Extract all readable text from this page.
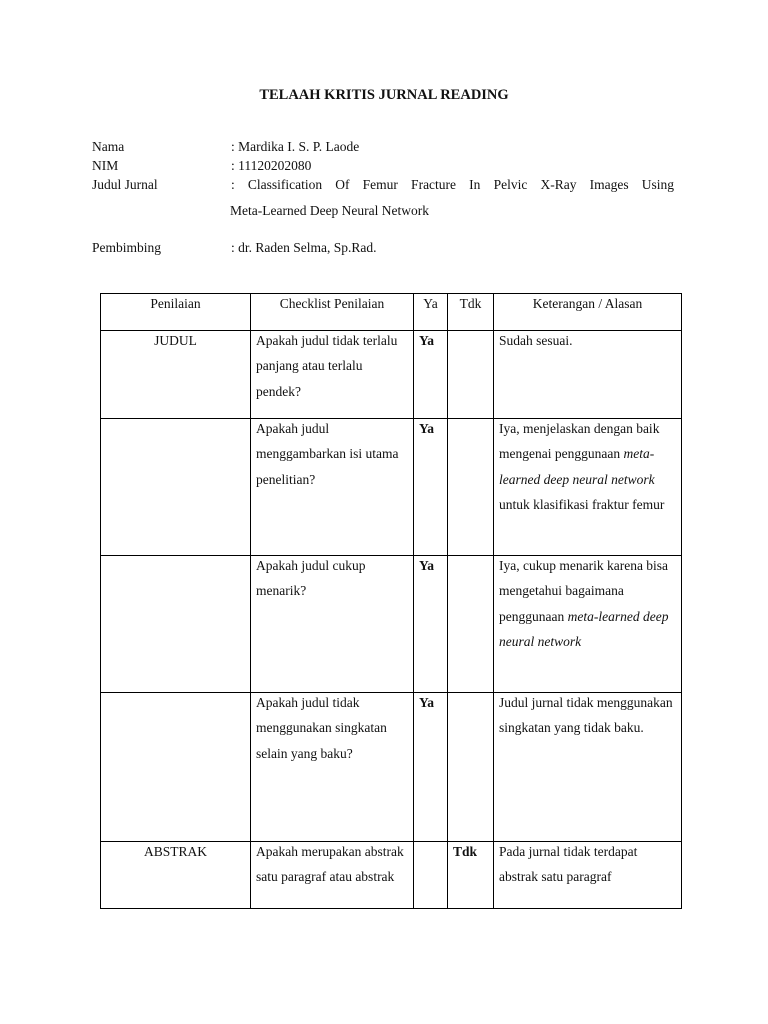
TELAAH KRITIS JURNAL READING
Nama	: Mardika I. S. P. Laode
NIM	: 11120202080
Judul Jurnal	: Classification Of Femur Fracture In Pelvic X-Ray Images Using
Meta-Learned Deep Neural Network
Pembimbing	: dr. Raden Selma, Sp.Rad.
Penilaian	Checklist Penilaian	Ya	Tdk	Keterangan / Alasan

JUDUL	Apakah judul tidak terlalu panjang atau terlalu pendek?	Ya		Sudah sesuai.

	Apakah judul menggambarkan isi utama penelitian?	Ya		Iya, menjelaskan dengan baik mengenai penggunaan meta-learned deep neural network untuk klasifikasi fraktur femur

	Apakah judul cukup menarik?	Ya		Iya, cukup menarik karena bisa mengetahui bagaimana penggunaan meta-learned deep neural network

	Apakah judul tidak menggunakan singkatan selain yang baku?	Ya		Judul jurnal tidak menggunakan singkatan yang tidak baku.

ABSTRAK	Apakah merupakan abstrak satu paragraf atau abstrak		Tdk	Pada jurnal tidak terdapat abstrak satu paragraf
